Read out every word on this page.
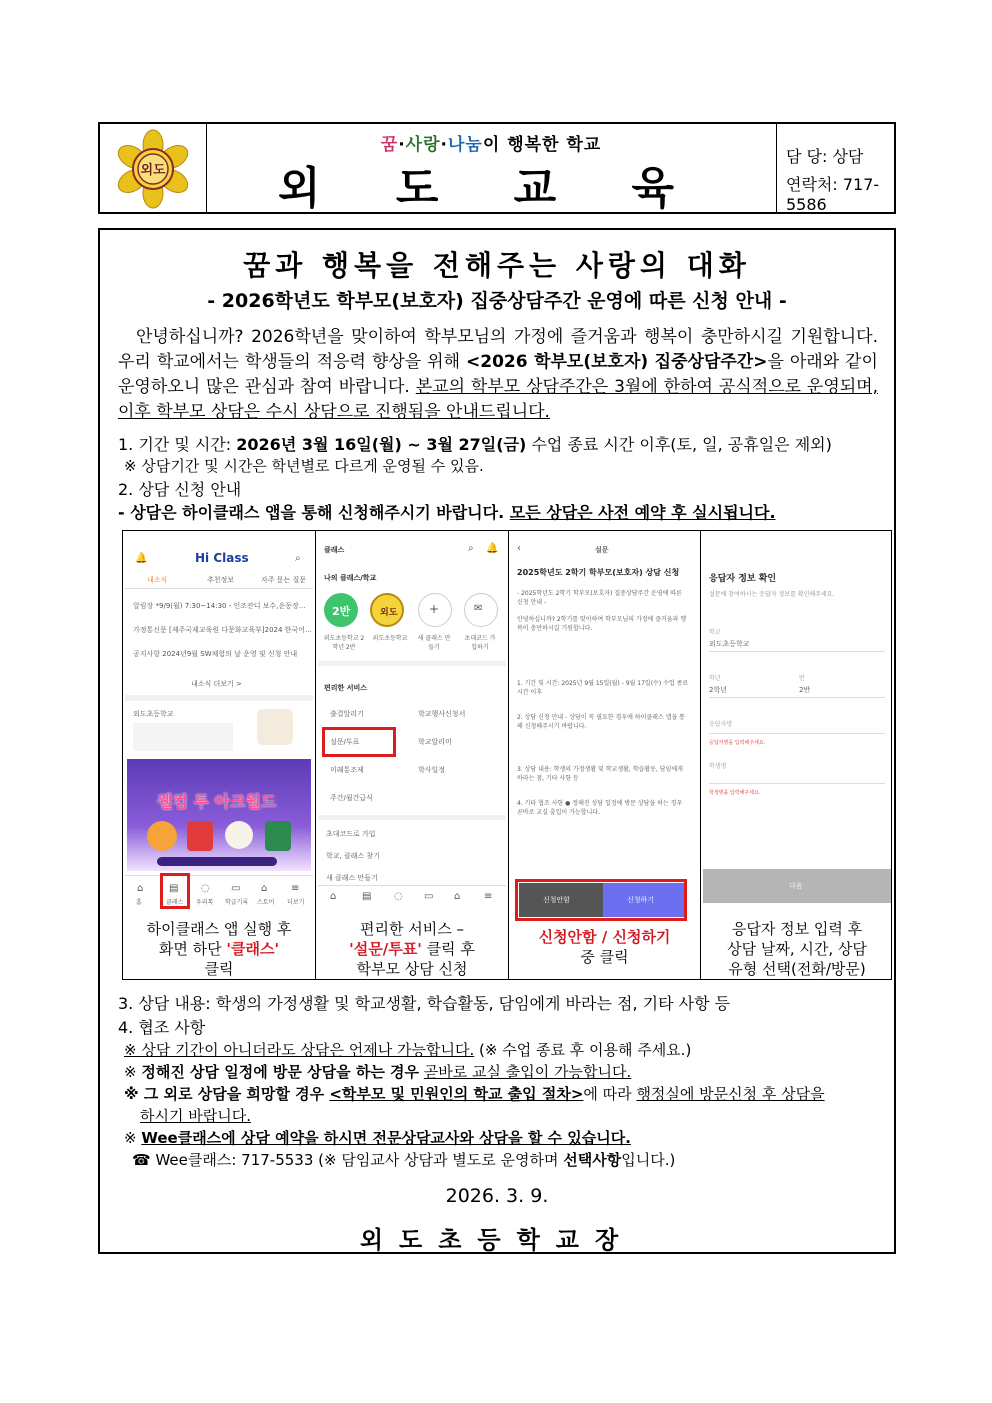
외도
꿈·사랑·나눔이 행복한 학교
외 도 교 육
담 당: 상담
연락처: 717-5586
꿈과 행복을 전해주는 사랑의 대화
- 2026학년도 학부모(보호자) 집중상담주간 운영에 따른 신청 안내 -
안녕하십니까? 2026학년을 맞이하여 학부모님의 가정에 즐거움과 행복이 충만하시길 기원합니다. 우리 학교에서는 학생들의 적응력 향상을 위해 <2026 학부모(보호자) 집중상담주간>을 아래와 같이 운영하오니 많은 관심과 참여 바랍니다. 본교의 학부모 상담주간은 3월에 한하여 공식적으로 운영되며, 이후 학부모 상담은 수시 상담으로 진행됨을 안내드립니다.
1. 기간 및 시간: 2026년 3월 16일(월) ~ 3월 27일(금) 수업 종료 시간 이후(토, 일, 공휴일은 제외)
※ 상담기간 및 시간은 학년별로 다르게 운영될 수 있음.
2. 상담 신청 안내
- 상담은 하이클래스 앱을 통해 신청해주시기 바랍니다. 모든 상담은 사전 예약 후 실시됩니다.
🔔	Hi Class	⌕
내소식	추천정보	자주 묻는 질문
알림장 *9/9(월) 7:30~14:30 - 인조잔디 보수,운동장...
가정통신문 [제주국제교육원 다문화교육부]2024 한국어...
공지사항 2024년9월 SW체험의 날 운영 및 신청 안내
내소식 더보기 >
외도초등학교
웰컴 투 아크월드
⌂	▤ ◌ ▭ ⌂ ≡
홈	클래스 우리톡 학급기록 스토어 더보기
하이클래스 앱 실행 후
화면 하단 '클래스'
클릭
클래스	⌕ 🔔
나의 클래스/학교
2반	외도	+	✉
외도초등학교 2학년 2반
외도초등학교	새 클래스 만들기
초대코드 가입하기
편리한 서비스
출결알리기	학교행사신청서
설문/투표	학교알리미
미래통조제	학사일정
주간/월간급식
초대코드로 가입
학교, 클래스 찾기
새 클래스 만들기
⌂	▤ ◌ ▭ ⌂ ≡
편리한 서비스 –
'설문/투표' 클릭 후
학부모 상담 신청
‹	설문
2025학년도 2학기 학부모(보호자) 상담 신청
- 2025학년도 2학기 학부모(보호자) 집중상담주간 운영에 따른 신청 안내 -
안녕하십니까? 2학기를 맞이하여 학부모님의 가정에 즐거움과 행복이 충만하시길 기원합니다.
1. 기간 및 시간: 2025년 9월 15일(월) - 9월 17일(수) 수업 종료 시간 이후
2. 상담 신청 안내 - 상담이 꼭 필요한 경우에 하이클래스 앱을 통해 신청해주시기 바랍니다.
3. 상담 내용: 학생의 가정생활 및 학교생활, 학습활동, 담임에게 바라는 점, 기타 사항 등
4. 기타 협조 사항 ● 정해진 상담 일정에 방문 상담을 하는 경우 곧바로 교실 출입이 가능합니다.
신청안함	신청하기
신청안함 / 신청하기
중 클릭
응답자 정보 확인
설문에 참여하시는 응답자 정보를 확인해주세요.
학교
외도초등학교
학년
2학년
반
2반
응답자명
응답자명을 입력해주세요.
학생명
학생명을 입력해주세요.
다음
응답자 정보 입력 후
상담 날짜, 시간, 상담
유형 선택(전화/방문)
3. 상담 내용: 학생의 가정생활 및 학교생활, 학습활동, 담임에게 바라는 점, 기타 사항 등
4. 협조 사항
※ 상담 기간이 아니더라도 상담은 언제나 가능합니다. (※ 수업 종료 후 이용해 주세요.)
※ 정해진 상담 일정에 방문 상담을 하는 경우 곧바로 교실 출입이 가능합니다.
※ 그 외로 상담을 희망할 경우 <학부모 및 민원인의 학교 출입 절차>에 따라 행정실에 방문신청 후 상담을
하시기 바랍니다.
※ Wee클래스에 상담 예약을 하시면 전문상담교사와 상담을 할 수 있습니다.
☎ Wee클래스: 717-5533 (※ 담임교사 상담과 별도로 운영하며 선택사항입니다.)
2026. 3. 9.
외도초등학교장
